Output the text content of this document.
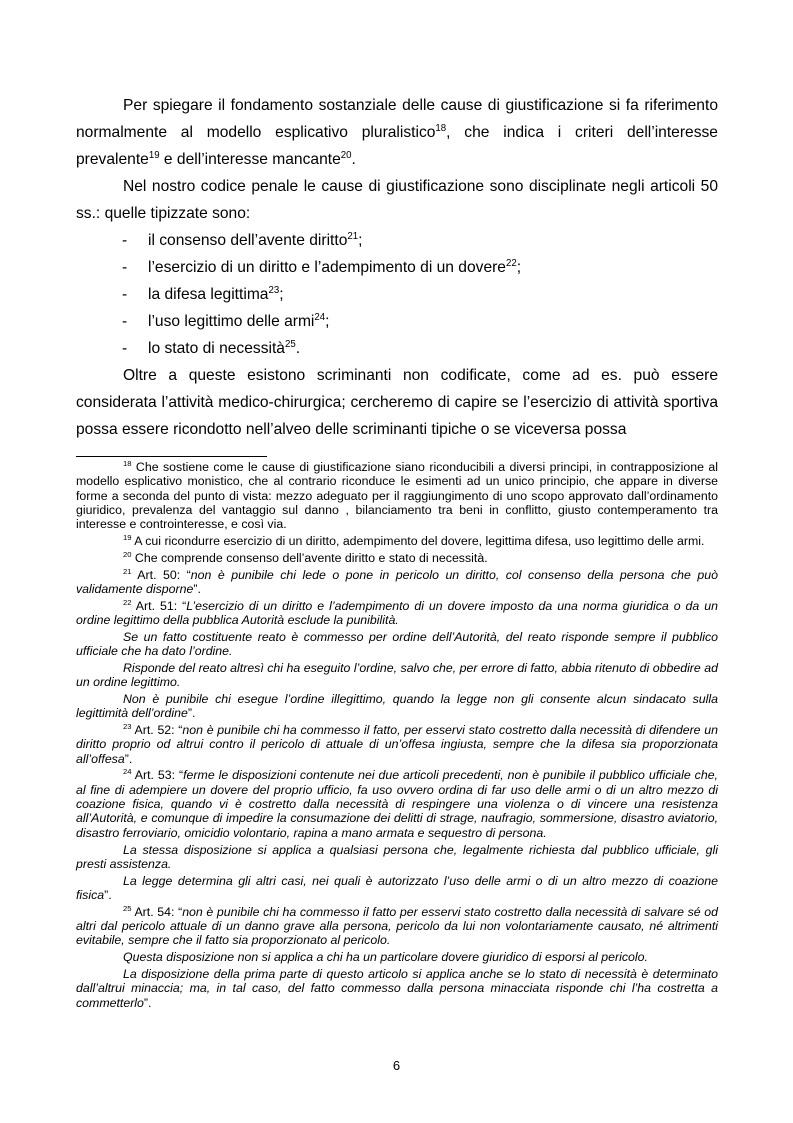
Per spiegare il fondamento sostanziale delle cause di giustificazione si fa riferimento normalmente al modello esplicativo pluralistico$^{18}$, che indica i criteri dell’interesse prevalente$^{19}$ e dell’interesse mancante$^{20}$.

Nel nostro codice penale le cause di giustificazione sono disciplinate negli articoli 50 ss.: quelle tipizzate sono:

-	il consenso dell’avente diritto$^{21}$;
-	l’esercizio di un diritto e l’adempimento di un dovere$^{22}$;
-	la difesa legittima$^{23}$;
-	l’uso legittimo delle armi$^{24}$;
-	lo stato di necessità$^{25}$.

Oltre a queste esistono scriminanti non codificate, come ad es. può essere considerata l’attività medico-chirurgica; cercheremo di capire se l’esercizio di attività sportiva possa essere ricondotto nell’alveo delle scriminanti tipiche o se viceversa possa

$^{18}$ Che sostiene come le cause di giustificazione siano riconducibili a diversi principi, in contrapposizione al modello esplicativo monistico, che al contrario riconduce le esimenti ad un unico principio, che appare in diverse forme a seconda del punto di vista: mezzo adeguato per il raggiungimento di uno scopo approvato dall’ordinamento giuridico, prevalenza del vantaggio sul danno , bilanciamento tra beni in conflitto, giusto contemperamento tra interesse e controinteresse, e così via.

$^{19}$ A cui ricondurre esercizio di un diritto, adempimento del dovere, legittima difesa, uso legittimo delle armi.

$^{20}$ Che comprende consenso dell’avente diritto e stato di necessità.

$^{21}$ Art. 50: “non è punibile chi lede o pone in pericolo un diritto, col consenso della persona che può validamente disporne”.

$^{22}$ Art. 51: “L’esercizio di un diritto e l’adempimento di un dovere imposto da una norma giuridica o da un ordine legittimo della pubblica Autorità esclude la punibilità.

Se un fatto costituente reato è commesso per ordine dell’Autorità, del reato risponde sempre il pubblico ufficiale che ha dato l’ordine.

Risponde del reato altresì chi ha eseguito l’ordine, salvo che, per errore di fatto, abbia ritenuto di obbedire ad un ordine legittimo.

Non è punibile chi esegue l’ordine illegittimo, quando la legge non gli consente alcun sindacato sulla legittimità dell’ordine”.

$^{23}$ Art. 52: “non è punibile chi ha commesso il fatto, per esservi stato costretto dalla necessità di difendere un diritto proprio od altrui contro il pericolo di attuale di un’offesa ingiusta, sempre che la difesa sia proporzionata all’offesa”.

$^{24}$ Art. 53: “ferme le disposizioni contenute nei due articoli precedenti, non è punibile il pubblico ufficiale che, al fine di adempiere un dovere del proprio ufficio, fa uso ovvero ordina di far uso delle armi o di un altro mezzo di coazione fisica, quando vi è costretto dalla necessità di respingere una violenza o di vincere una resistenza all’Autorità, e comunque di impedire la consumazione dei delitti di strage, naufragio, sommersione, disastro aviatorio, disastro ferroviario, omicidio volontario, rapina a mano armata e sequestro di persona.

La stessa disposizione si applica a qualsiasi persona che, legalmente richiesta dal pubblico ufficiale, gli presti assistenza.

La legge determina gli altri casi, nei quali è autorizzato l’uso delle armi o di un altro mezzo di coazione fisica”.

$^{25}$ Art. 54: “non è punibile chi ha commesso il fatto per esservi stato costretto dalla necessità di salvare sé od altri dal pericolo attuale di un danno grave alla persona, pericolo da lui non volontariamente causato, né altrimenti evitabile, sempre che il fatto sia proporzionato al pericolo.

Questa disposizione non si applica a chi ha un particolare dovere giuridico di esporsi al pericolo.

La disposizione della prima parte di questo articolo si applica anche se lo stato di necessità è determinato dall’altrui minaccia; ma, in tal caso, del fatto commesso dalla persona minacciata risponde chi l’ha costretta a commetterlo”.

6
